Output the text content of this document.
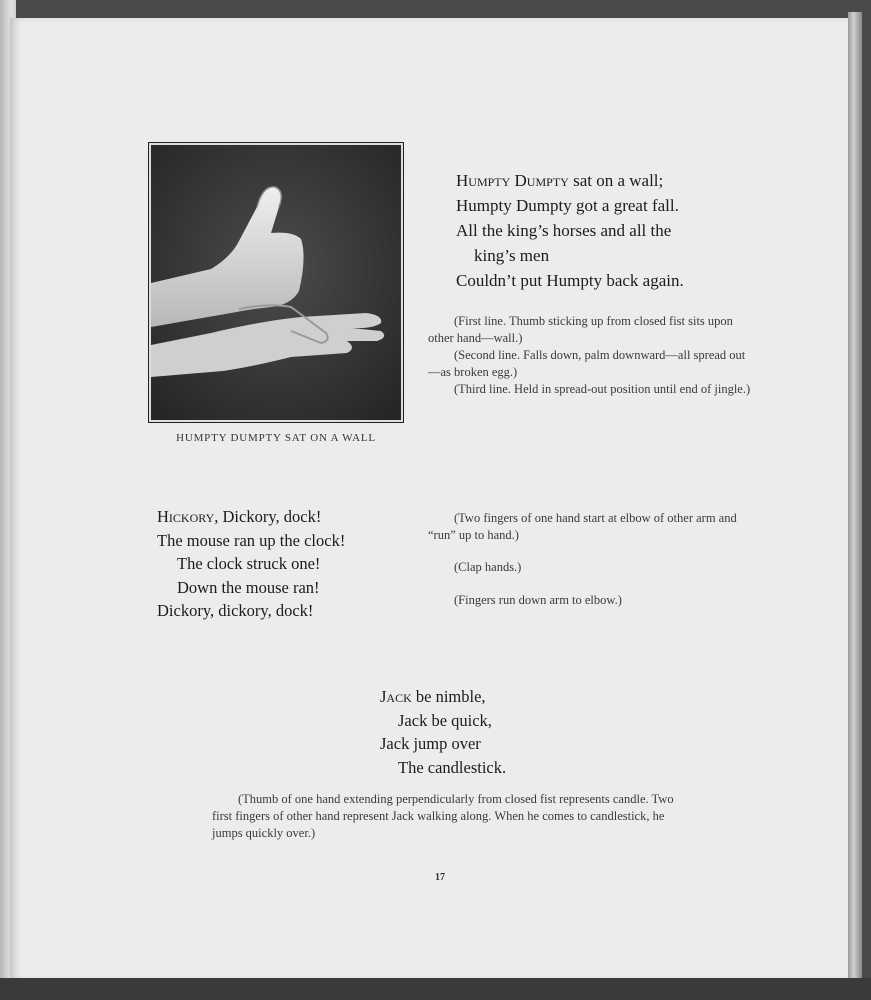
HUMPTY DUMPTY SAT ON A WALL
Humpty Dumpty sat on a wall;
Humpty Dumpty got a great fall.
All the king’s horses and all the
king’s men
Couldn’t put Humpty back again.

(First line. Thumb sticking up from closed fist sits upon other hand—wall.)

(Second line. Falls down, palm downward—all spread out—as broken egg.)

(Third line. Held in spread-out position until end of jingle.)

Hickory, Dickory, dock!
The mouse ran up the clock!
The clock struck one!
Down the mouse ran!
Dickory, dickory, dock!

(Two fingers of one hand start at elbow of other arm and “run” up to hand.)

(Clap hands.)

(Fingers run down arm to elbow.)

Jack be nimble,
Jack be quick,
Jack jump over
The candlestick.

(Thumb of one hand extending perpendicularly from closed fist represents candle. Two first fingers of other hand represent Jack walking along. When he comes to candlestick, he jumps quickly over.)

17
